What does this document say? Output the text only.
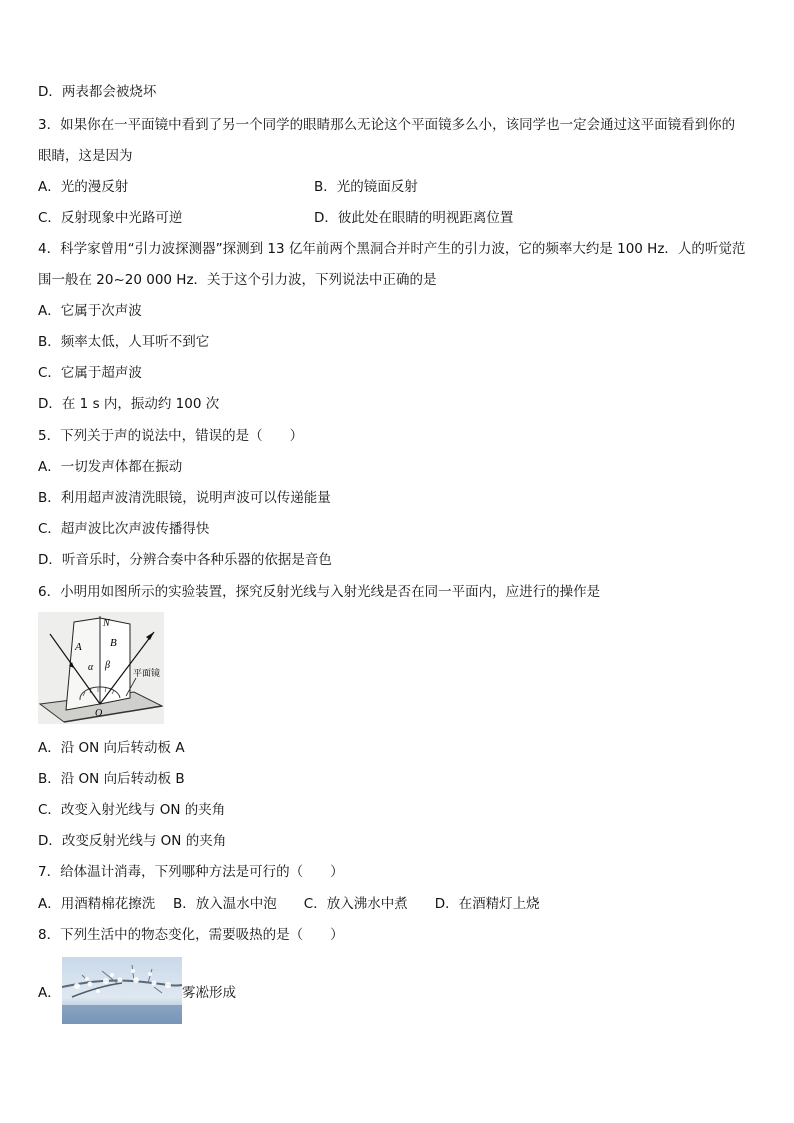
D．两表都会被烧坏
3．如果你在一平面镜中看到了另一个同学的眼睛那么无论这个平面镜多么小，该同学也一定会通过这平面镜看到你的
眼睛，这是因为
A．光的漫反射	B．光的镜面反射
C．反射现象中光路可逆	D．彼此处在眼睛的明视距离位置
4．科学家曾用“引力波探测器”探测到 13 亿年前两个黑洞合并时产生的引力波，它的频率大约是 100 Hz．人的听觉范
围一般在 20~20 000 Hz．关于这个引力波，下列说法中正确的是
A．它属于次声波
B．频率太低，人耳听不到它
C．它属于超声波
D．在 1 s 内，振动约 100 次
5．下列关于声的说法中，错误的是（　　）
A．一切发声体都在振动
B．利用超声波清洗眼镜，说明声波可以传递能量
C．超声波比次声波传播得快
D．听音乐时，分辨合奏中各种乐器的依据是音色
6．小明用如图所示的实验装置，探究反射光线与入射光线是否在同一平面内，应进行的操作是
N
A	B
α β
O
平面镜
A．沿 ON 向后转动板 A
B．沿 ON 向后转动板 B
C．改变入射光线与 ON 的夹角
D．改变反射光线与 ON 的夹角
7．给体温计消毒，下列哪种方法是可行的（　　）
A．用酒精棉花擦洗　 B．放入温水中泡　　C．放入沸水中煮　　D．在酒精灯上烧
8．下列生活中的物态变化，需要吸热的是（　　）
A．	雾凇形成
